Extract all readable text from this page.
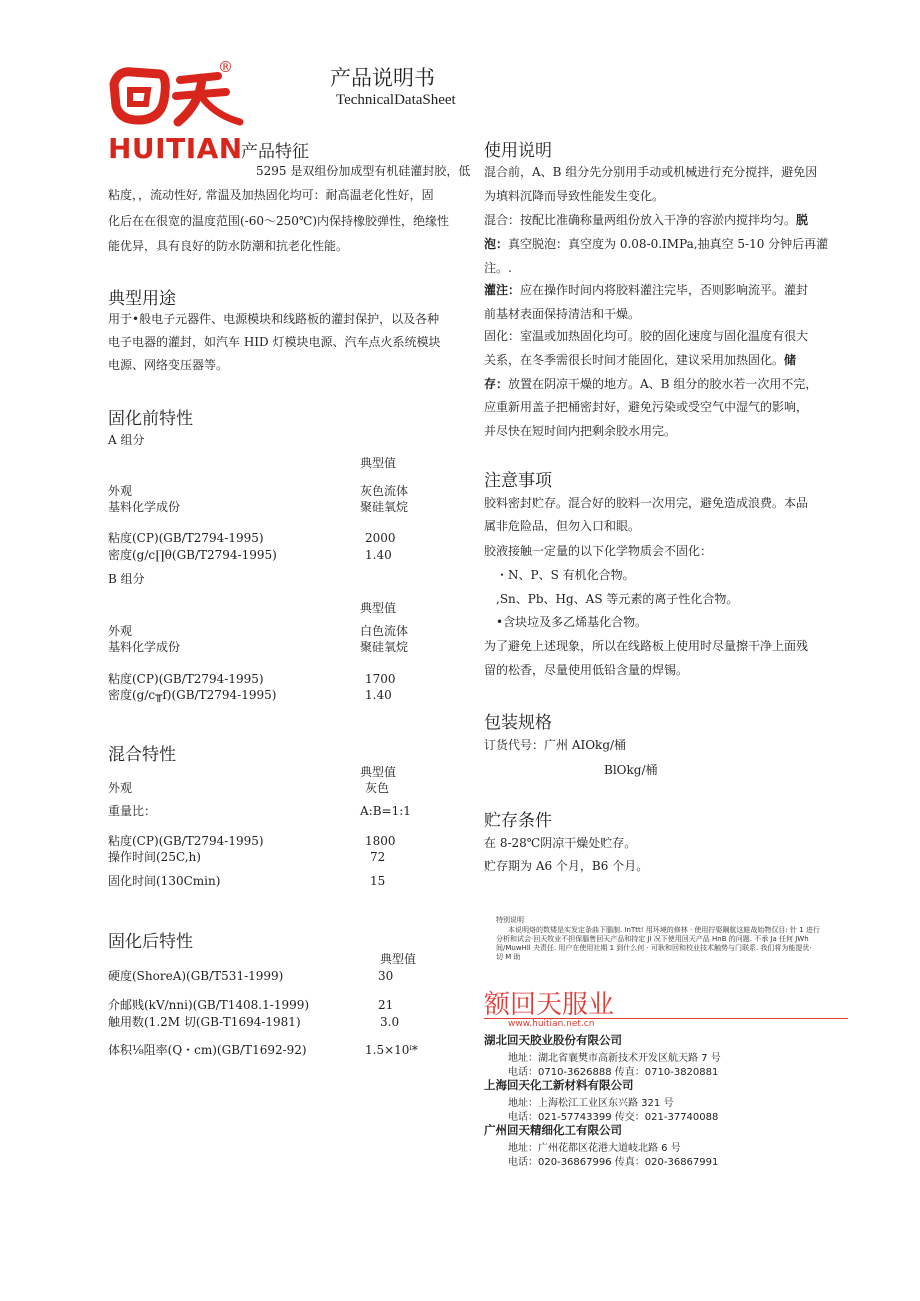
®
HUITIAN
产品说明书
TechnicalDataSheet
产品特征
5295 是双组份加成型有机硅灌封胶，低
粘度，，流动性好, 常温及加热固化均可：耐高温老化性好，固
化后在在很宽的温度范围(-60～250℃)内保持橡胶弹性，绝缘性
能优异，具有良好的防水防潮和抗老化性能。
典型用途
用于•般电子元器件、电源模块和线路板的灌封保护，以及各种
电子电器的灌封，如汽车 HID 灯模块电源、汽车点火系统模块
电源、网络变压器等。
固化前特性
A 组分
典型值
外观	灰色流体
基料化学成份	聚硅氧烷
粘度(CP)(GB/T2794-1995)	2000
密度(g∕c∏θ(GB/T2794-1995)	1.40
B 组分
典型值
外观	白色流体
基料化学成份	聚硅氧烷
粘度(CP)(GB/T2794-1995)	1700
密度(g∕c╥f)(GB/T2794-1995)	1.40
混合特性
典型值
外观	灰色
重量比：	A:B=1:1
粘度(CP)(GB/T2794-1995)	1800
操作时间(25C,h)	72
固化时间(130Cmin)	15
固化后特性
典型值
硬度(ShoreA)(GB/T531-1999)	30
介邮贱(kV/nni)(GB/T1408.1-1999)	21
触用数(1.2M 切(GB-T1694-1981)	3.0
体积⅛阻率(Q・cm)(GB/T1692-92)	1.5×10ⁱ*
使用说明
混合前，A、B 组分先分别用手动或机械进行充分搅拌，避免因
为填料沉降而导致性能发生变化。
混合：按配比准确称量两组份放入干净的容淤内搅拌均匀。脱
泡：真空脱泡：真空度为 0.08-0.IMPa,抽真空 5-10 分钟后再灌
注。.
灌注：应在操作时间内将胶料灌注完毕，否则影响流平。灌封
前基材表面保持清洁和干燥。
固化：室温或加热固化均可。胶的固化速度与固化温度有很大
关系，在冬季需很长时间才能固化，建议采用加热固化。储
存：放置在阴凉干燥的地方。A、B 组分的胶水若一次用不完，
应重新用盖子把桶密封好，避免污染或受空气中湿气的影响，
并尽快在短时间内把剩余胶水用完。
注意事项
胶料密封贮存。混合好的胶料一次用完，避免造成浪费。本品
属非危险品，但勿入口和眼。
胶液接触一定量的以下化学物质会不固化：
・N、P、S 有机化合物。
,Sn、Pb、Hg、AS 等元素的离子性化合物。
•含块垃及多乙烯基化合物。
为了避免上述现象，所以在线路板上使用时尽量擦干净上面残
留的松香，尽量使用低铅含量的焊锡。
包装规格
订货代号：广州 AIOkg/桶
BlOkg/桶
贮存条件
在 8-28℃阴凉干燥处贮存。
贮存期为 A6 个月，B6 个月。
特别说明
本说明烙的数矮是实发定条曲下腦制. InTtt! 用环境的修林 · 使用拧娶鋼航这蛙战始物仅目: 针 1 进行
分析和试会·回天牧业不担保腦售回天产品和持定 JI 况下使用回天产品 HnB 的问题. 不承 Ja 任何 JWh
间/MuwHll 夬责任. 用户在使用社期 1 到什么何 · 可耿和回和校业技术触势与门联系. 我们将为能提优·
切 M 助
额回天服业
www.huitian.net.cn
湖北回天胶业股份有限公司
地址：湖北省襄樊市高新技术开发区航天路 7 号
电话：0710-3626888 传直：0710-3820881
上海回天化工新材料有限公司
地址：上海松江工业区东兴路 321 号
电话：021-57743399 传交：021-37740088
广州回天精细化工有限公司
地址：广州花都区花港大道岐北路 6 号
电话：020-36867996 传真：020-36867991
